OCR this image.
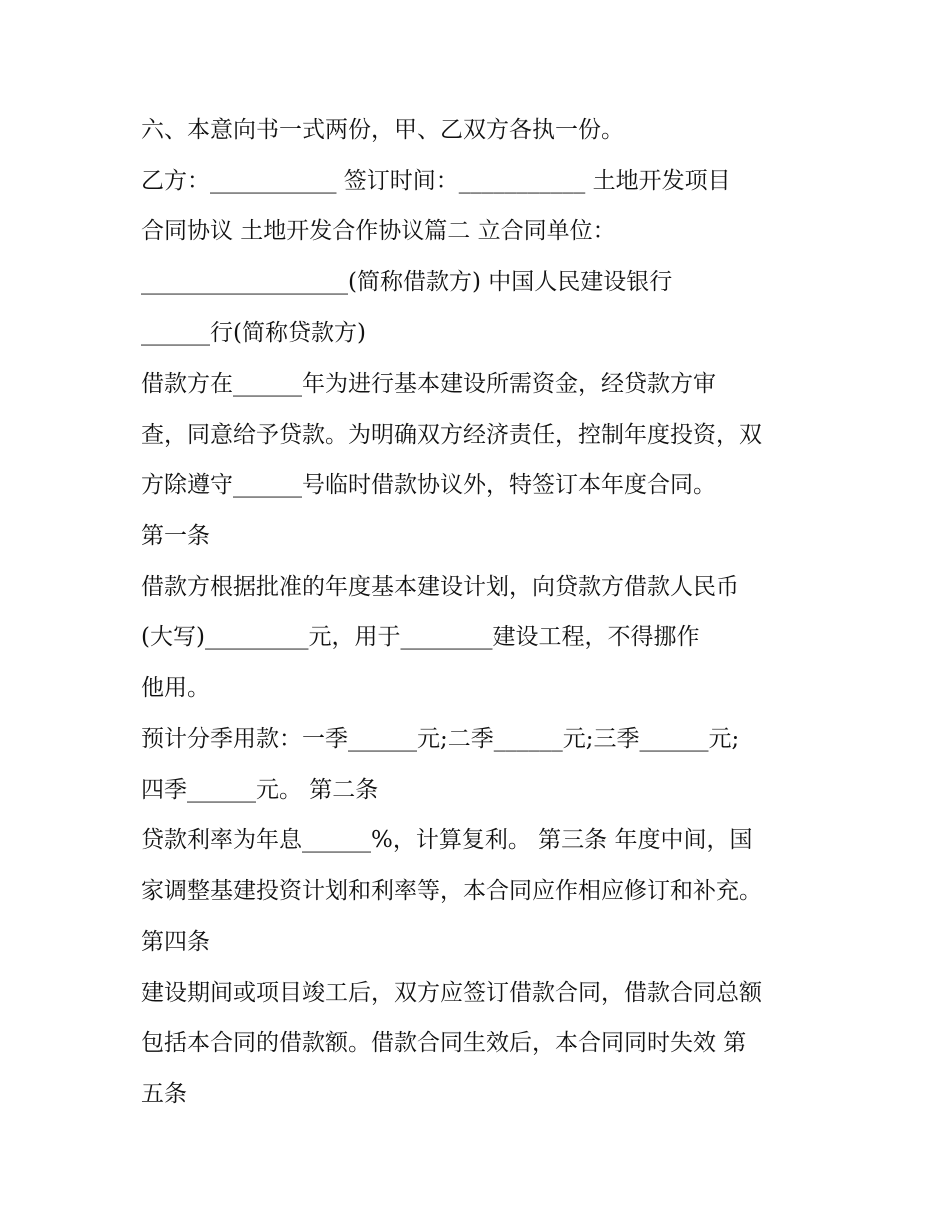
六、本意向书一式两份，甲、乙双方各执一份。
乙方：___________ 签订时间：___________ 土地开发项目
合同协议 土地开发合作协议篇二 立合同单位：
__________________(简称借款方) 中国人民建设银行
______行(简称贷款方)
借款方在______年为进行基本建设所需资金，经贷款方审
查，同意给予贷款。为明确双方经济责任，控制年度投资，双
方除遵守______号临时借款协议外，特签订本年度合同。
第一条
借款方根据批准的年度基本建设计划，向贷款方借款人民币
(大写)_________元，用于________建设工程，不得挪作
他用。
预计分季用款：一季______元;二季______元;三季______元;
四季______元。 第二条
贷款利率为年息______%，计算复利。 第三条 年度中间，国
家调整基建投资计划和利率等，本合同应作相应修订和补充。
第四条
建设期间或项目竣工后，双方应签订借款合同，借款合同总额
包括本合同的借款额。借款合同生效后，本合同同时失效 第
五条
